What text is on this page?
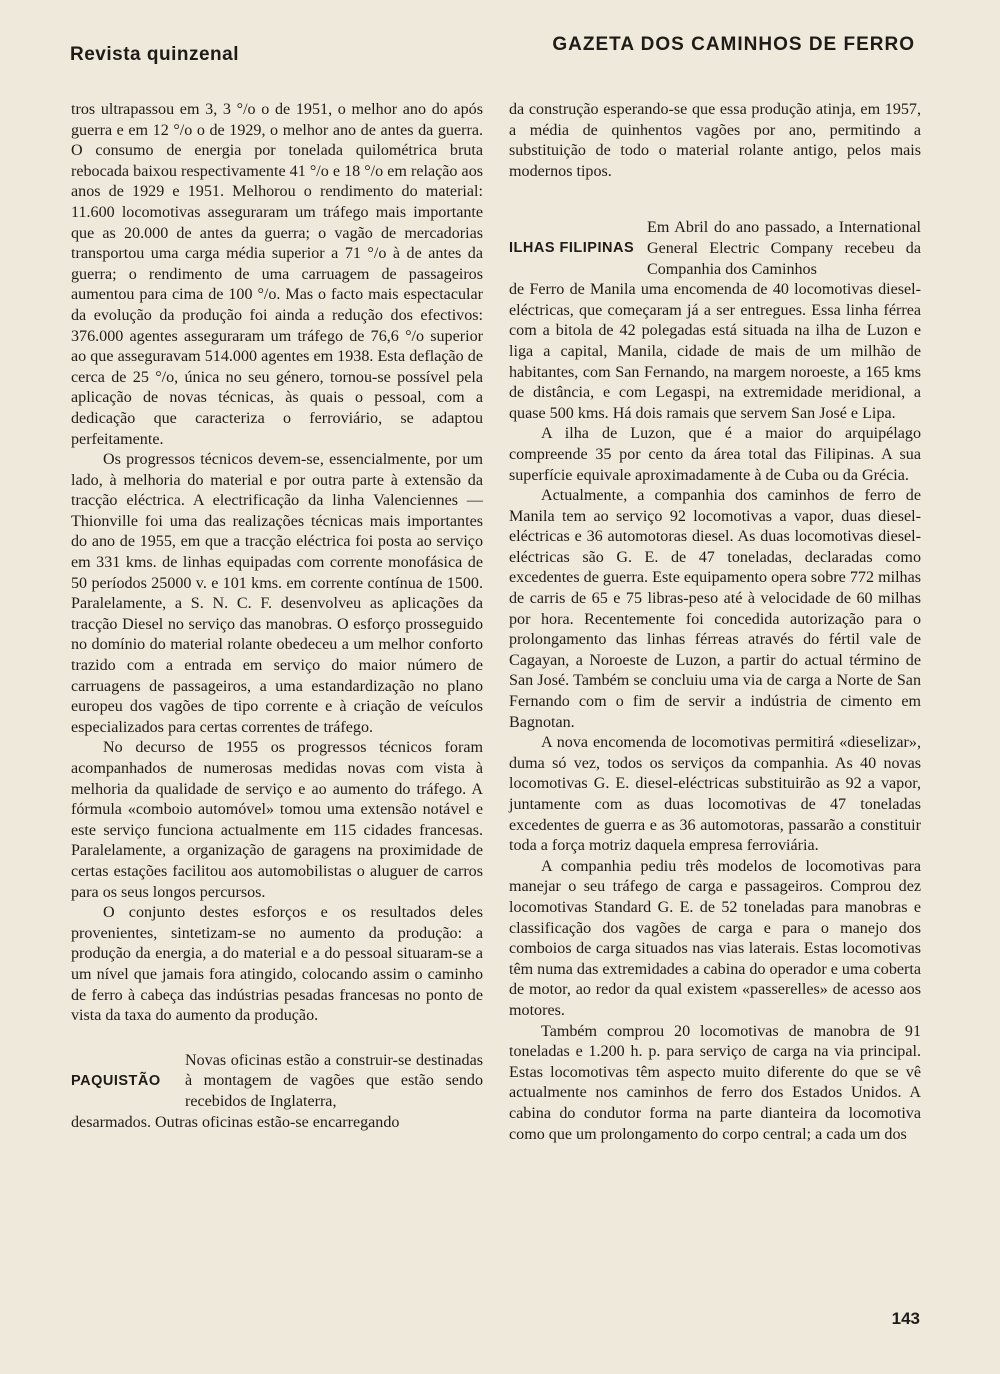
Revista quinzenal	GAZETA DOS CAMINHOS DE FERRO

tros ultrapassou em 3, 3 °/o o de 1951, o melhor ano do após guerra e em 12 °/o o de 1929, o melhor ano de antes da guerra. O consumo de energia por tonelada quilométrica bruta rebocada baixou respectivamente 41 °/o e 18 °/o em relação aos anos de 1929 e 1951. Melhorou o rendimento do material: 11.600 locomotivas asseguraram um tráfego mais importante que as 20.000 de antes da guerra; o vagão de mercadorias transportou uma carga média superior a 71 °/o à de antes da guerra; o rendimento de uma carruagem de passageiros aumentou para cima de 100 °/o. Mas o facto mais espectacular da evolução da produção foi ainda a redução dos efectivos: 376.000 agentes asseguraram um tráfego de 76,6 °/o superior ao que asseguravam 514.000 agentes em 1938. Esta deflação de cerca de 25 °/o, única no seu género, tornou-se possível pela aplicação de novas técnicas, às quais o pessoal, com a dedicação que caracteriza o ferroviário, se adaptou perfeitamente.

Os progressos técnicos devem-se, essencialmente, por um lado, à melhoria do material e por outra parte à extensão da tracção eléctrica. A electrificação da linha Valenciennes — Thionville foi uma das realizações técnicas mais importantes do ano de 1955, em que a tracção eléctrica foi posta ao serviço em 331 kms. de linhas equipadas com corrente monofásica de 50 períodos 25000 v. e 101 kms. em corrente contínua de 1500. Paralelamente, a S. N. C. F. desenvolveu as aplicações da tracção Diesel no serviço das manobras. O esforço prosseguido no domínio do material rolante obedeceu a um melhor conforto trazido com a entrada em serviço do maior número de carruagens de passageiros, a uma estandardização no plano europeu dos vagões de tipo corrente e à criação de veículos especializados para certas correntes de tráfego.

No decurso de 1955 os progressos técnicos foram acompanhados de numerosas medidas novas com vista à melhoria da qualidade de serviço e ao aumento do tráfego. A fórmula «comboio automóvel» tomou uma extensão notável e este serviço funciona actualmente em 115 cidades francesas. Paralelamente, a organização de garagens na proximidade de certas estações facilitou aos automobilistas o aluguer de carros para os seus longos percursos.

O conjunto destes esforços e os resultados deles provenientes, sintetizam-se no aumento da produção: a produção da energia, a do material e a do pessoal situaram-se a um nível que jamais fora atingido, colocando assim o caminho de ferro à cabeça das indústrias pesadas francesas no ponto de vista da taxa do aumento da produção.

PAQUISTÃO

Novas oficinas estão a construir-se destinadas à montagem de vagões que estão sendo recebidos de Inglaterra,
desarmados. Outras oficinas estão-se encarregando

da construção esperando-se que essa produção atinja, em 1957, a média de quinhentos vagões por ano, permitindo a substituição de todo o material rolante antigo, pelos mais modernos tipos.

ILHAS FILIPINAS

Em Abril do ano passado, a International General Electric Company recebeu da Companhia dos Caminhos
de Ferro de Manila uma encomenda de 40 locomotivas diesel-eléctricas, que começaram já a ser entregues. Essa linha férrea com a bitola de 42 polegadas está situada na ilha de Luzon e liga a capital, Manila, cidade de mais de um milhão de habitantes, com San Fernando, na margem noroeste, a 165 kms de distância, e com Legaspi, na extremidade meridional, a quase 500 kms. Há dois ramais que servem San José e Lipa.

A ilha de Luzon, que é a maior do arquipélago compreende 35 por cento da área total das Filipinas. A sua superfície equivale aproximadamente à de Cuba ou da Grécia.

Actualmente, a companhia dos caminhos de ferro de Manila tem ao serviço 92 locomotivas a vapor, duas diesel-eléctricas e 36 automotoras diesel. As duas locomotivas diesel-eléctricas são G. E. de 47 toneladas, declaradas como excedentes de guerra. Este equipamento opera sobre 772 milhas de carris de 65 e 75 libras-peso até à velocidade de 60 milhas por hora. Recentemente foi concedida autorização para o prolongamento das linhas férreas através do fértil vale de Cagayan, a Noroeste de Luzon, a partir do actual término de San José. Também se concluiu uma via de carga a Norte de San Fernando com o fim de servir a indústria de cimento em Bagnotan.

A nova encomenda de locomotivas permitirá «dieselizar», duma só vez, todos os serviços da companhia. As 40 novas locomotivas G. E. diesel-eléctricas substituirão as 92 a vapor, juntamente com as duas locomotivas de 47 toneladas excedentes de guerra e as 36 automotoras, passarão a constituir toda a força motriz daquela empresa ferroviária.

A companhia pediu três modelos de locomotivas para manejar o seu tráfego de carga e passageiros. Comprou dez locomotivas Standard G. E. de 52 toneladas para manobras e classificação dos vagões de carga e para o manejo dos comboios de carga situados nas vias laterais. Estas locomotivas têm numa das extremidades a cabina do operador e uma coberta de motor, ao redor da qual existem «passerelles» de acesso aos motores.

Também comprou 20 locomotivas de manobra de 91 toneladas e 1.200 h. p. para serviço de carga na via principal. Estas locomotivas têm aspecto muito diferente do que se vê actualmente nos caminhos de ferro dos Estados Unidos. A cabina do condutor forma na parte dianteira da locomotiva como que um prolongamento do corpo central; a cada um dos

143
